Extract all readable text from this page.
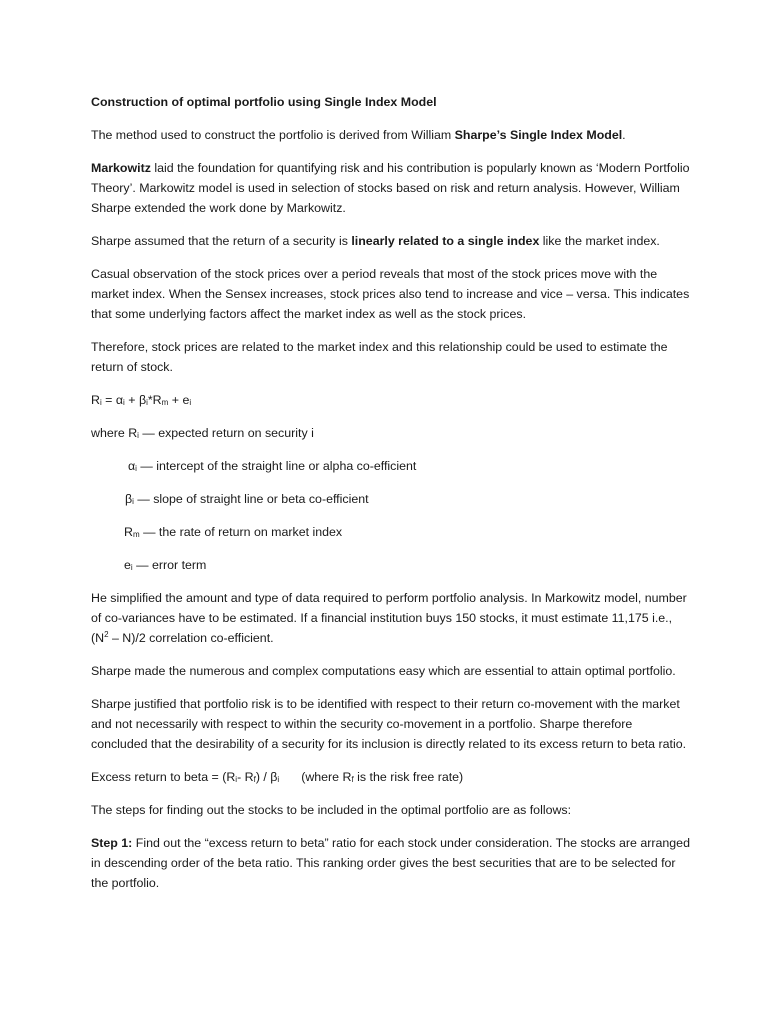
Construction of optimal portfolio using Single Index Model

The method used to construct the portfolio is derived from William Sharpe’s Single Index Model.

Markowitz laid the foundation for quantifying risk and his contribution is popularly known as ‘Modern Portfolio Theory’. Markowitz model is used in selection of stocks based on risk and return analysis. However, William Sharpe extended the work done by Markowitz.

Sharpe assumed that the return of a security is linearly related to a single index like the market index.

Casual observation of the stock prices over a period reveals that most of the stock prices move with the market index. When the Sensex increases, stock prices also tend to increase and vice – versa. This indicates that some underlying factors affect the market index as well as the stock prices.

Therefore, stock prices are related to the market index and this relationship could be used to estimate the return of stock.

$R_i = \alpha_i + \beta_i*R_m + e_i$

where $R_i$ — expected return on security i

$\alpha_i$ — intercept of the straight line or alpha co-efficient

$\beta_i$ — slope of straight line or beta co-efficient

$R_m$ — the rate of return on market index

$e_i$ — error term

He simplified the amount and type of data required to perform portfolio analysis. In Markowitz model, number of co-variances have to be estimated. If a financial institution buys 150 stocks, it must estimate 11,175 i.e., $(N^2 - N)/2$ correlation co-efficient.

Sharpe made the numerous and complex computations easy which are essential to attain optimal portfolio.

Sharpe justified that portfolio risk is to be identified with respect to their return co-movement with the market and not necessarily with respect to within the security co-movement in a portfolio. Sharpe therefore concluded that the desirability of a security for its inclusion is directly related to its excess return to beta ratio.

Excess return to beta = ($R_i-$ $R_f) / \beta_i$ (where $R_f$ is the risk free rate)

The steps for finding out the stocks to be included in the optimal portfolio are as follows:

Step 1: Find out the “excess return to beta” ratio for each stock under consideration. The stocks are arranged in descending order of the beta ratio. This ranking order gives the best securities that are to be selected for the portfolio.
